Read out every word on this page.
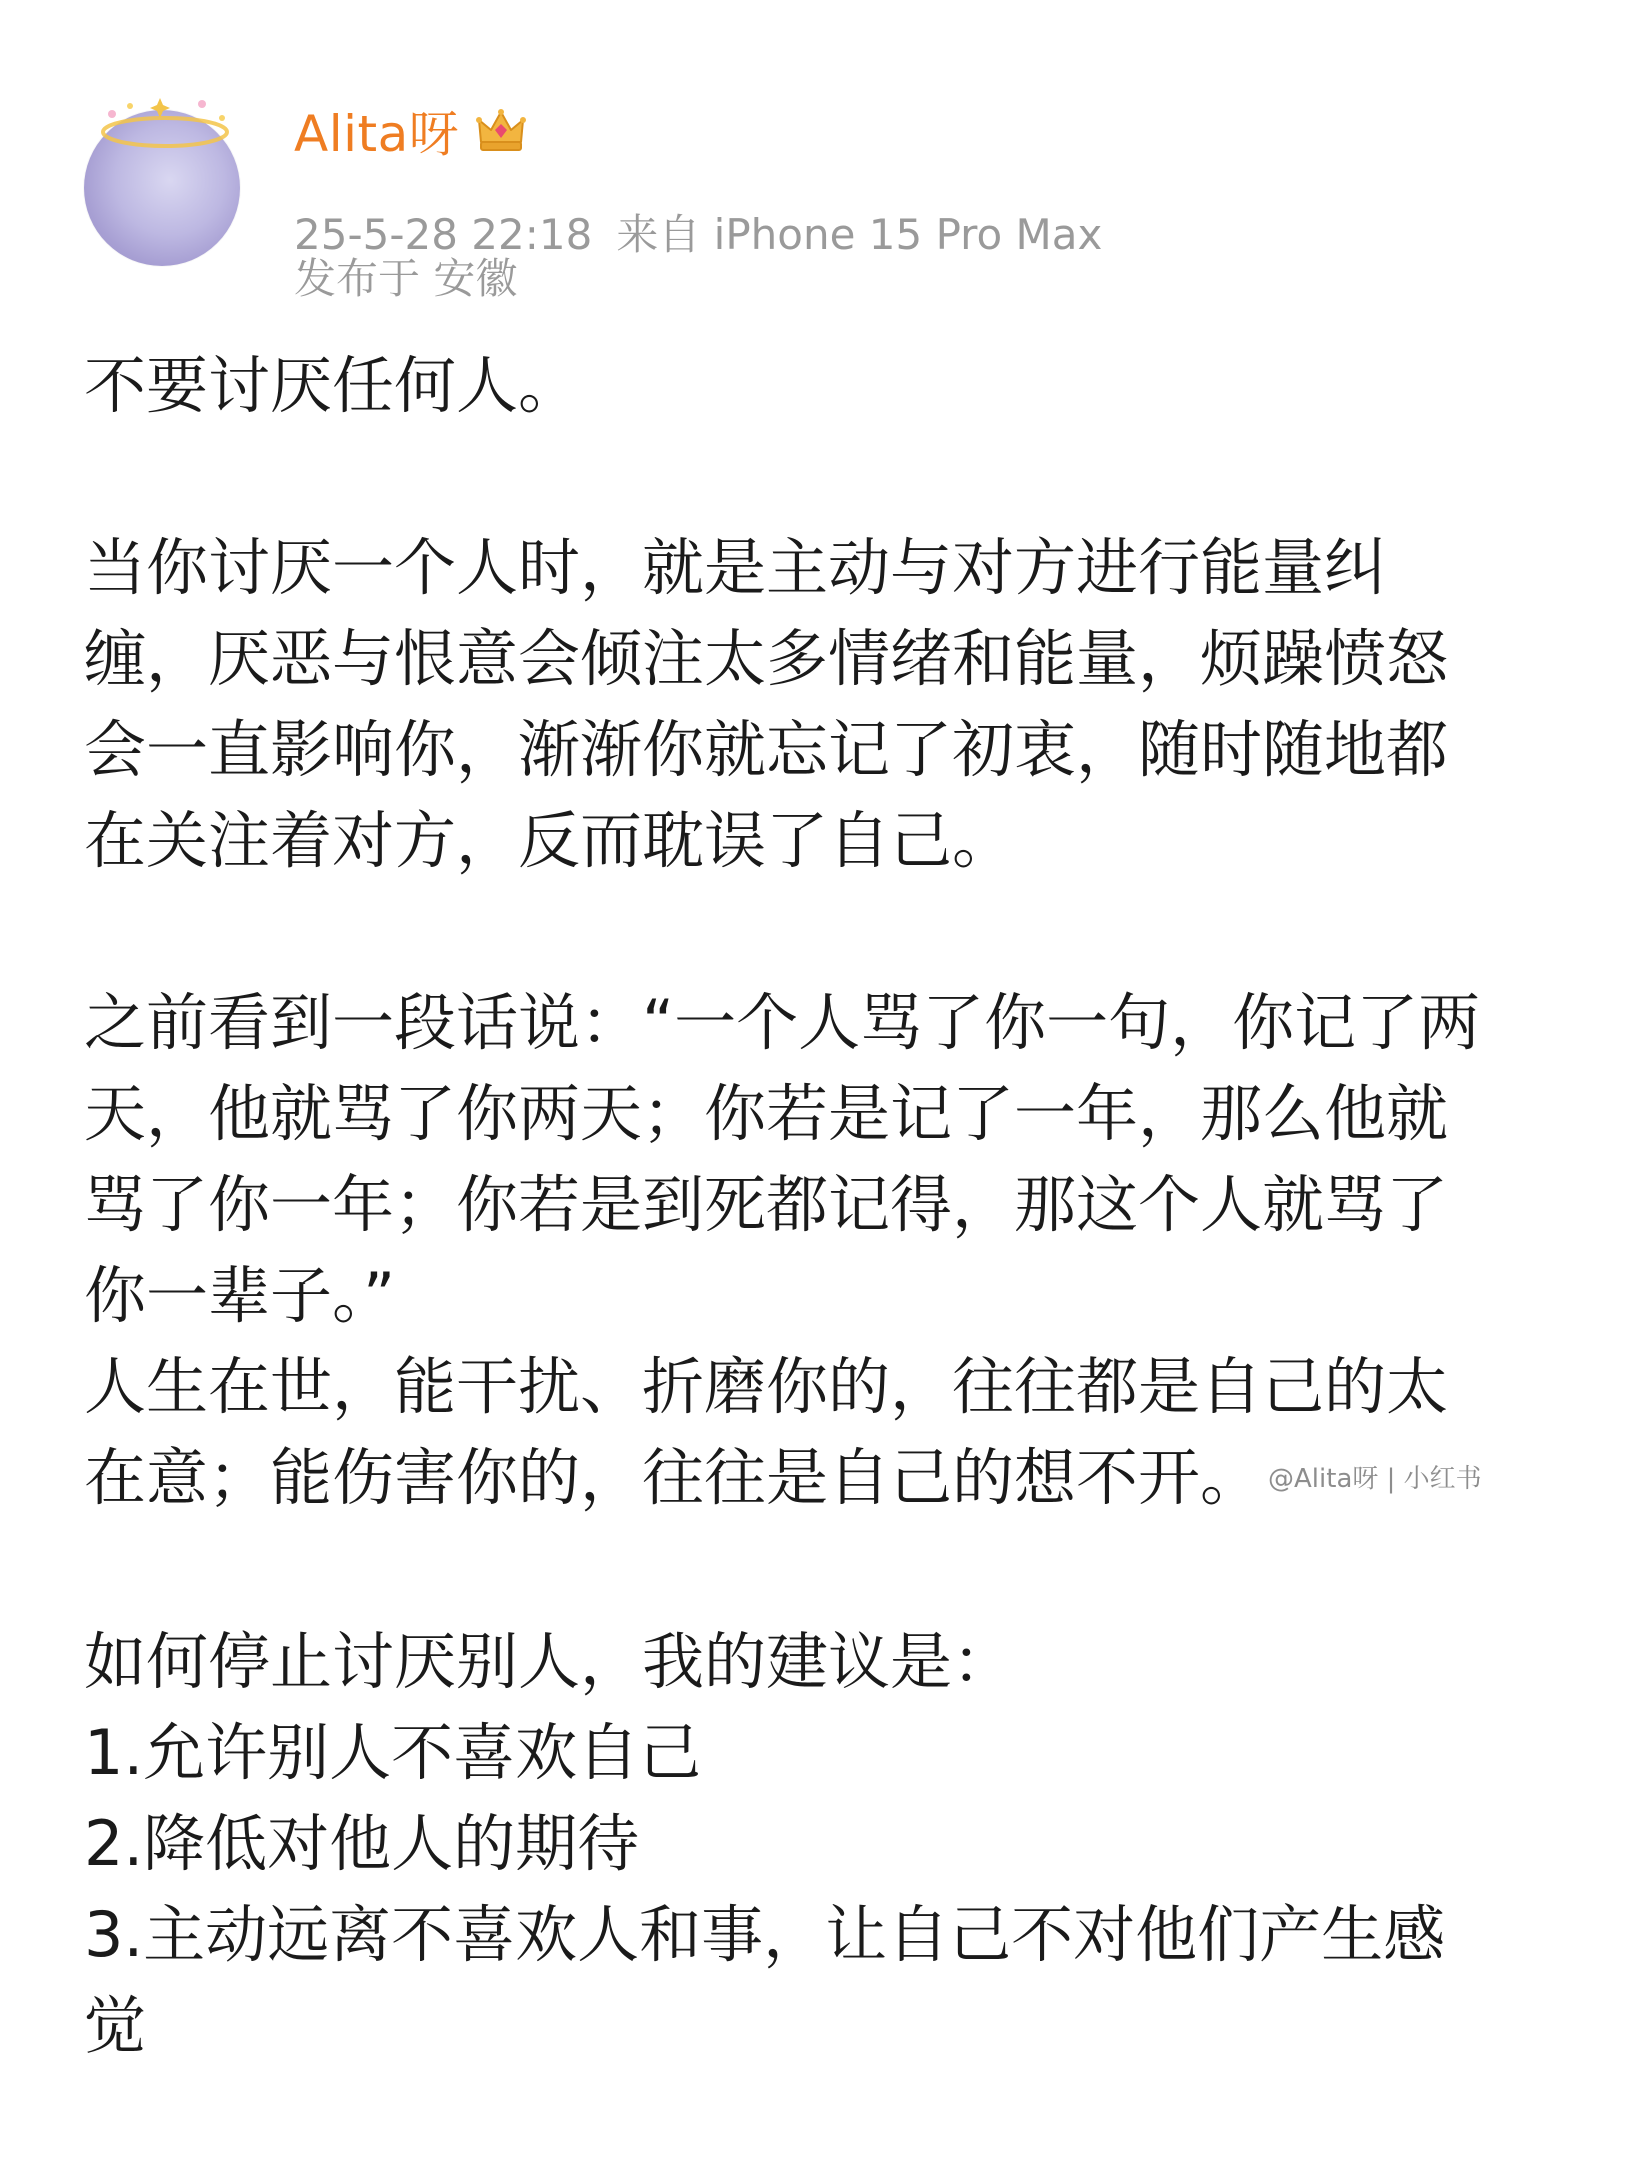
Alita呀
25-5-28 22:18 来自 iPhone 15 Pro Max
发布于 安徽
不要讨厌任何人。
当你讨厌一个人时，就是主动与对方进行能量纠
缠，厌恶与恨意会倾注太多情绪和能量，烦躁愤怒
会一直影响你，渐渐你就忘记了初衷，随时随地都
在关注着对方，反而耽误了自己。
之前看到一段话说：“一个人骂了你一句，你记了两
天，他就骂了你两天；你若是记了一年，那么他就
骂了你一年；你若是到死都记得，那这个人就骂了
你一辈子。”
人生在世，能干扰、折磨你的，往往都是自己的太
在意；能伤害你的，往往是自己的想不开。 @Alita呀 | 小红书
如何停止讨厌别人，我的建议是：
1.允许别人不喜欢自己
2.降低对他人的期待
3.主动远离不喜欢人和事，让自己不对他们产生感
觉
